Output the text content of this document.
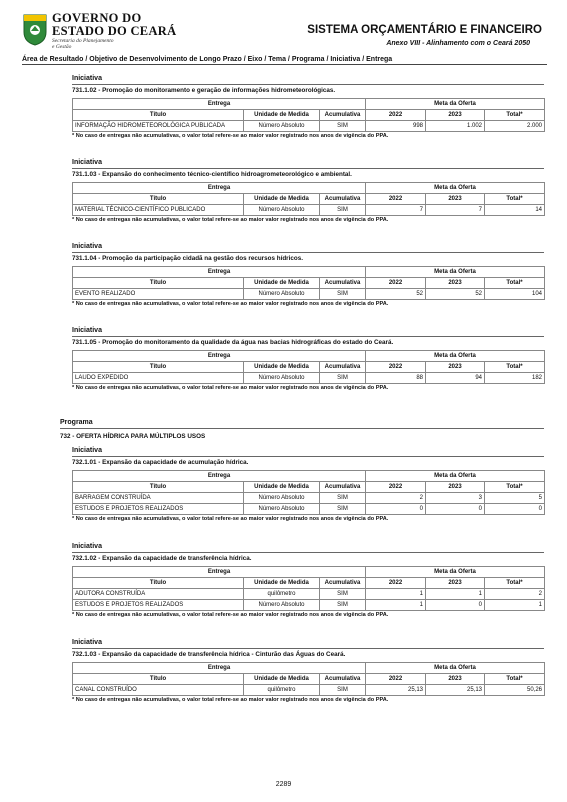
GOVERNO DO
ESTADO DO CEARÁ
Secretaria do Planejamento
e Gestão
SISTEMA ORÇAMENTÁRIO E FINANCEIRO
Anexo VIII - Alinhamento com o Ceará 2050
Área de Resultado / Objetivo de Desenvolvimento de Longo Prazo / Eixo / Tema / Programa / Iniciativa / Entrega
Iniciativa
731.1.02 - Promoção do monitoramento e geração de informações hidrometeorológicas.
Entrega			Meta da Oferta		
Título	Unidade de Medida	Acumulativa	2022	2023	Total*
INFORMAÇÃO HIDROMETEOROLÓGICA PUBLICADA	Número Absoluto	SIM	998	1.002	2.000
* No caso de entregas não acumulativas, o valor total refere-se ao maior valor registrado nos anos de vigência do PPA.
Iniciativa
731.1.03 - Expansão do conhecimento técnico-científico hidroagrometeorológico e ambiental.
Entrega			Meta da Oferta		
Título	Unidade de Medida	Acumulativa	2022	2023	Total*
MATERIAL TÉCNICO-CIENTÍFICO PUBLICADO	Número Absoluto	SIM	7	7	14
* No caso de entregas não acumulativas, o valor total refere-se ao maior valor registrado nos anos de vigência do PPA.
Iniciativa
731.1.04 - Promoção da participação cidadã na gestão dos recursos hídricos.
Entrega			Meta da Oferta		
Título	Unidade de Medida	Acumulativa	2022	2023	Total*
EVENTO REALIZADO	Número Absoluto	SIM	52	52	104
* No caso de entregas não acumulativas, o valor total refere-se ao maior valor registrado nos anos de vigência do PPA.
Iniciativa
731.1.05 - Promoção do monitoramento da qualidade da água nas bacias hidrográficas do estado do Ceará.
Entrega			Meta da Oferta		
Título	Unidade de Medida	Acumulativa	2022	2023	Total*
LAUDO EXPEDIDO	Número Absoluto	SIM	88	94	182
* No caso de entregas não acumulativas, o valor total refere-se ao maior valor registrado nos anos de vigência do PPA.
Iniciativa
732.1.01 - Expansão da capacidade de acumulação hídrica.
Entrega			Meta da Oferta		
Título	Unidade de Medida	Acumulativa	2022	2023	Total*
BARRAGEM CONSTRUÍDA	Número Absoluto	SIM	2	3	5
ESTUDOS E PROJETOS REALIZADOS	Número Absoluto	SIM	0	0	0
* No caso de entregas não acumulativas, o valor total refere-se ao maior valor registrado nos anos de vigência do PPA.
Iniciativa
732.1.02 - Expansão da capacidade de transferência hídrica.
Entrega			Meta da Oferta		
Título	Unidade de Medida	Acumulativa	2022	2023	Total*
ADUTORA CONSTRUÍDA	quilômetro	SIM	1	1	2
ESTUDOS E PROJETOS REALIZADOS	Número Absoluto	SIM	1	0	1
* No caso de entregas não acumulativas, o valor total refere-se ao maior valor registrado nos anos de vigência do PPA.
Iniciativa
732.1.03 - Expansão da capacidade de transferência hídrica - Cinturão das Águas do Ceará.
Entrega			Meta da Oferta		
Título	Unidade de Medida	Acumulativa	2022	2023	Total*
CANAL CONSTRUÍDO	quilômetro	SIM	25,13	25,13	50,26
* No caso de entregas não acumulativas, o valor total refere-se ao maior valor registrado nos anos de vigência do PPA.
Programa
732 - OFERTA HÍDRICA PARA MÚLTIPLOS USOS
2289
